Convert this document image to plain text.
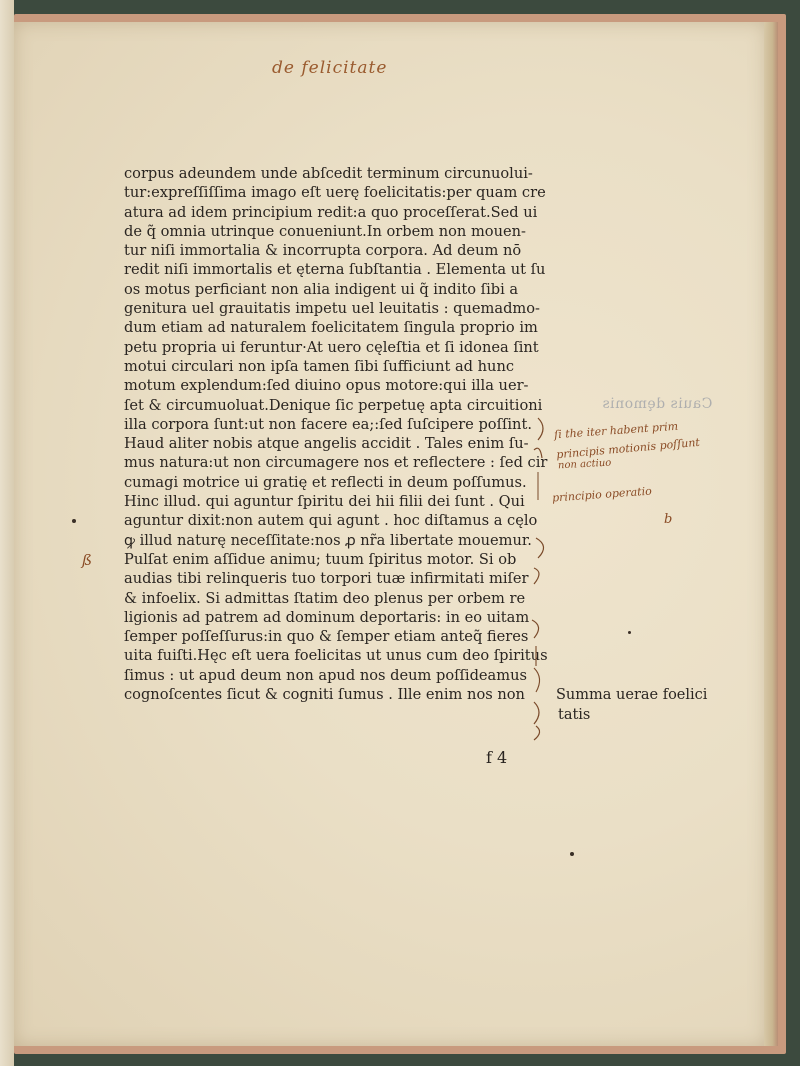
de felicitate
Cauis dęmonis
corpus adeundem unde abſcedit terminum circunuolui-
tur:expreſſiſſima imago eſt uerę foelicitatis:per quam cre
atura ad idem principium redit:a quo proceſſerat.Sed ui
de q̃ omnia utrinque conueniunt.In orbem non mouen-
tur niſi immortalia & incorrupta corpora. Ad deum nō
redit niſi immortalis et ęterna ſubſtantia . Elementa ut ſu
os motus perficiant non alia indigent ui q̃ indito ſibi a
genitura uel grauitatis impetu uel leuitatis : quemadmo-
dum etiam ad naturalem foelicitatem ſingula proprio im
petu propria ui feruntur·At uero cęleſtia et ſi idonea ſint
motui circulari non ipſa tamen ſibi ſufficiunt ad hunc
motum explendum:ſed diuino opus motore:qui illa uer-
ſet & circumuoluat.Denique ſic perpetuę apta circuitioni
illa corpora ſunt:ut non facere ea;:ſed ſuſcipere poſſint.
Haud aliter nobis atque angelis accidit . Tales enim ſu-
mus natura:ut non circumagere nos et reflectere : ſed cir
cumagi motrice ui gratię et reflecti in deum poſſumus.
Hinc illud. qui aguntur ſpiritu dei hii filii dei ſunt . Qui
aguntur dixit:non autem qui agunt . hoc diſtamus a cęlo
ꝙ illud naturę neceſſitate:nos ꝓ nr̃a libertate mouemur.
Pulſat enim aſſidue animu; tuum ſpiritus motor. Si ob
audias tibi relinqueris tuo torpori tuæ infirmitati miſer
& infoelix. Si admittas ſtatim deo plenus per orbem re
ligionis ad patrem ad dominum deportaris: in eo uitam
ſemper poſſeſſurus:in quo & ſemper etiam anteq̃ fieres
uita fuiſti.Hęc eſt uera foelicitas ut unus cum deo ſpiritus
ſimus : ut apud deum non apud nos deum poſſideamus
cognoſcentes ſicut & cogniti ſumus . Ille enim nos non
ſi the iter habent prim
principis motionis poſſunt
non actiuo
principio operatio
b
ß
Summa uerae foelici
tatis
f 4
